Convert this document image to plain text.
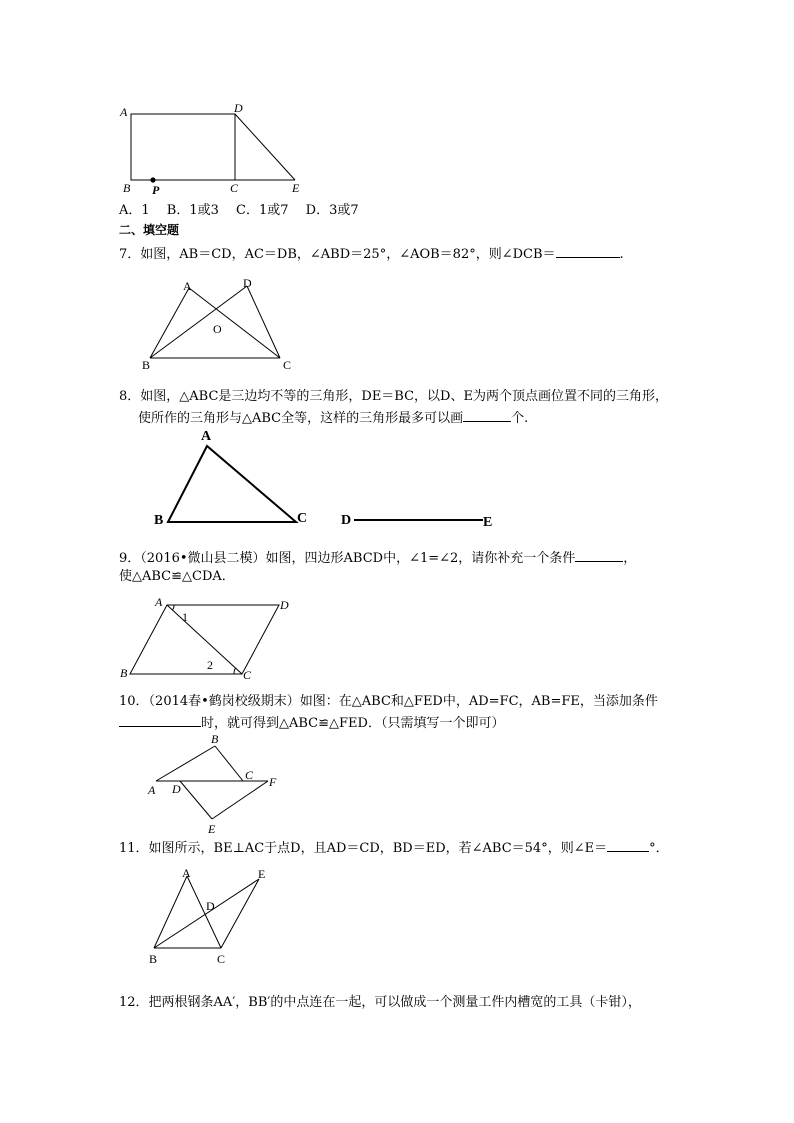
A	D
B P	C	E
A．1　 B．1或3　 C．1或7　 D．3或7
二、填空题
7．如图，AB＝CD，AC＝DB，∠ABD＝25°，∠AOB＝82°，则∠DCB＝	.
A	D
O
B	C
8．如图，△ABC是三边均不等的三角形，DE＝BC，以D、E为两个顶点画位置不同的三角形，
使所作的三角形与△ABC全等，这样的三角形最多可以画	个.
A
B	C D	E
9．（2016•微山县二模）如图，四边形ABCD中，∠1=∠2，请你补充一个条件	，
使△ABC≌△CDA．
A	D
1
2
B	C
10．（2014春•鹤岗校级期末）如图：在△ABC和△FED中，AD=FC，AB=FE，当添加条件
时，就可得到△ABC≌△FED．（只需填写一个即可）
B
C F
A D
E
11．如图所示，BE⊥AC于点D，且AD＝CD，BD＝ED，若∠ABC＝54°，则∠E＝	°．
A	E
D
B	C
12．把两根钢条AA′，BB′的中点连在一起，可以做成一个测量工件内槽宽的工具（卡钳），
